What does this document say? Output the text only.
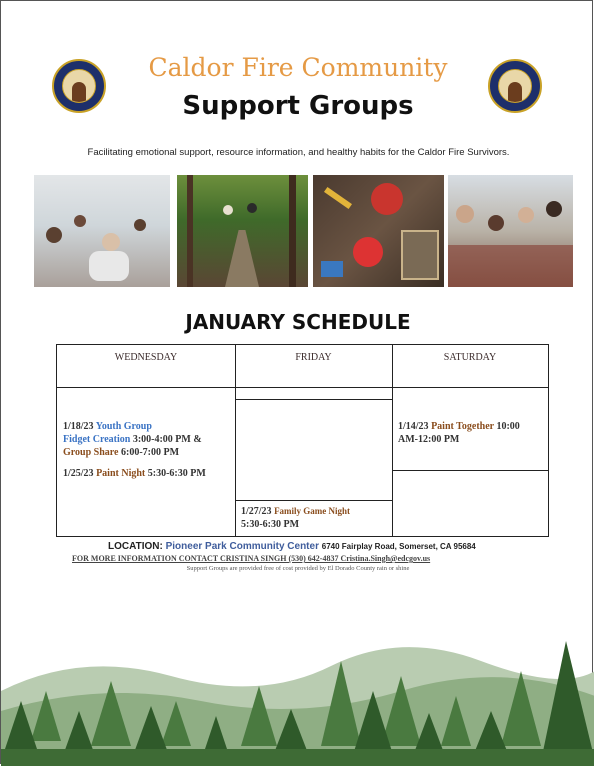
Caldor Fire Community
Support Groups
Facilitating emotional support, resource information, and healthy habits for the Caldor Fire Survivors.
JANUARY SCHEDULE
WEDNESDAY	FRIDAY	SATURDAY
1/18/23 Youth Group
Fidget Creation 3:00-4:00 PM &
Group Share 6:00-7:00 PM
1/25/23 Paint Night 5:30-6:30 PM
1/27/23 Family Game Night
5:30-6:30 PM
1/14/23 Paint Together 10:00
AM-12:00 PM
LOCATION: Pioneer Park Community Center 6740 Fairplay Road, Somerset, CA 95684
FOR MORE INFORMATION CONTACT CRISTINA SINGH (530) 642-4837 Cristina.Singh@edcgov.us
Support Groups are provided free of cost provided by El Dorado County rain or shine
